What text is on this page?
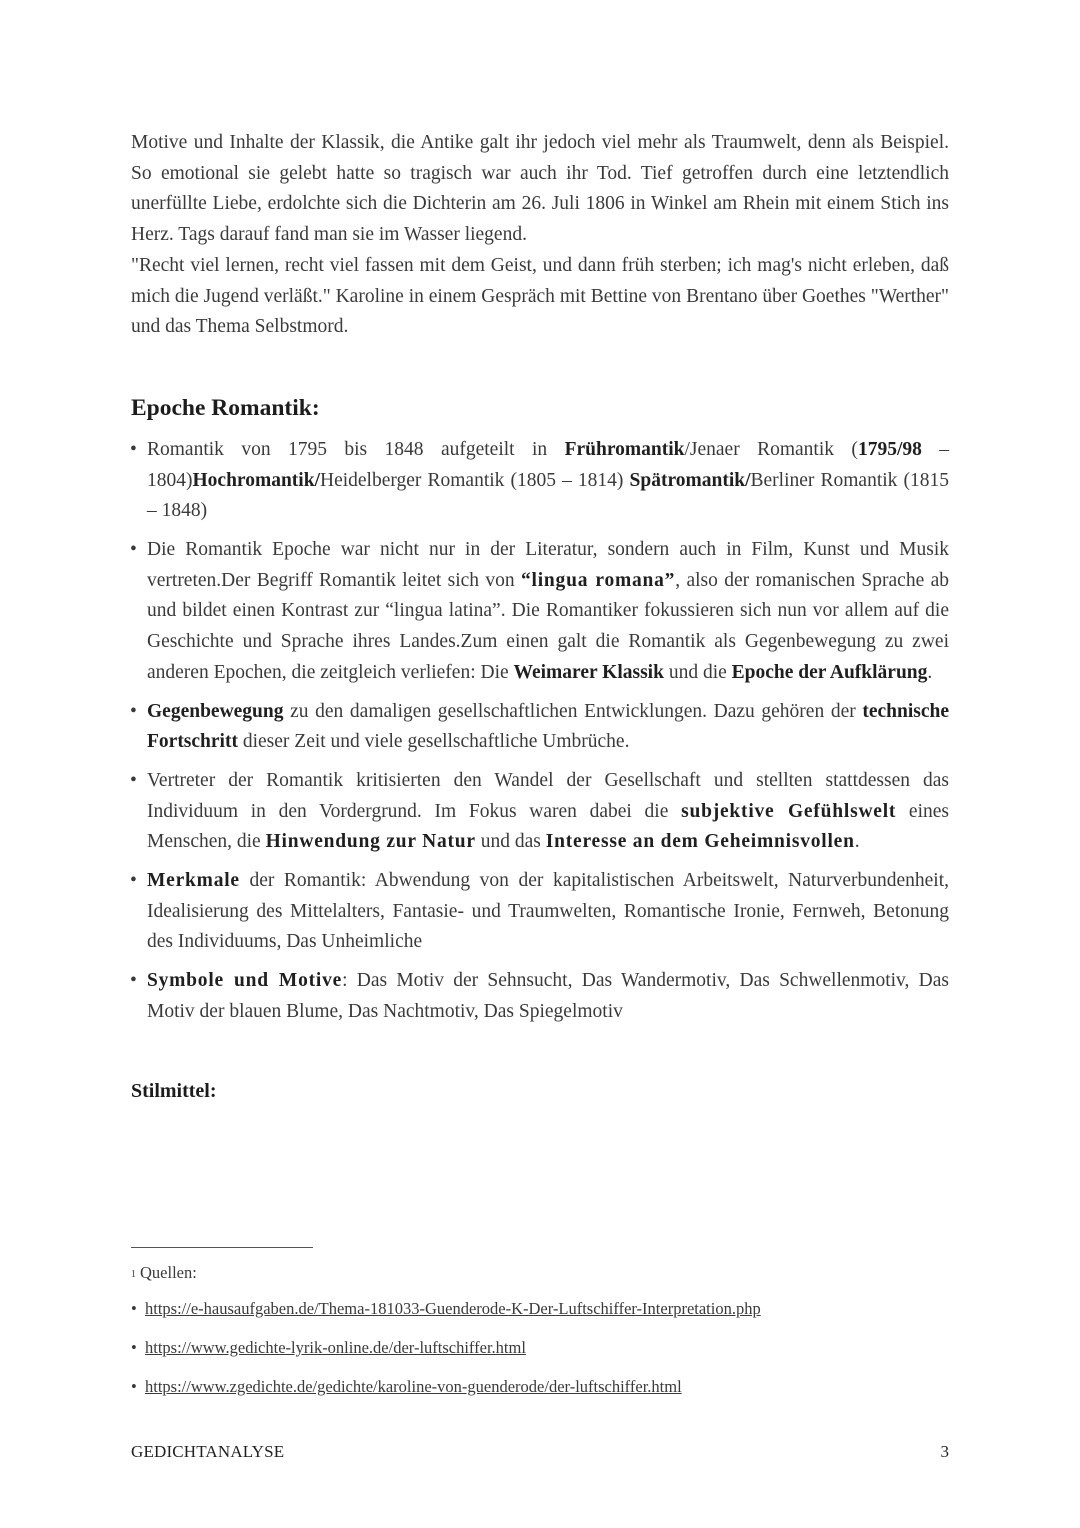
Motive und Inhalte der Klassik, die Antike galt ihr jedoch viel mehr als Traumwelt, denn als Beispiel. So emotional sie gelebt hatte so tragisch war auch ihr Tod. Tief getroffen durch eine letztendlich unerfüllte Liebe, erdolchte sich die Dichterin am 26. Juli 1806 in Winkel am Rhein mit einem Stich ins Herz. Tags darauf fand man sie im Wasser liegend.

"Recht viel lernen, recht viel fassen mit dem Geist, und dann früh sterben; ich mag's nicht erleben, daß mich die Jugend verläßt." Karoline in einem Gespräch mit Bettine von Brentano über Goethes "Werther" und das Thema Selbstmord.

Epoche Romantik:
• Romantik von 1795 bis 1848 aufgeteilt in Frühromantik/Jenaer Romantik (1795/98 – 1804)Hochromantik/Heidelberger Romantik (1805 – 1814) Spätromantik/Berliner Romantik (1815 – 1848)
• Die Romantik Epoche war nicht nur in der Literatur, sondern auch in Film, Kunst und Musik vertreten.Der Begriff Romantik leitet sich von “lingua romana”, also der romanischen Sprache ab und bildet einen Kontrast zur “lingua latina”. Die Romantiker fokussieren sich nun vor allem auf die Geschichte und Sprache ihres Landes.Zum einen galt die Romantik als Gegenbewegung zu zwei anderen Epochen, die zeitgleich verliefen: Die Weimarer Klassik und die Epoche der Aufklärung.
• Gegenbewegung zu den damaligen gesellschaftlichen Entwicklungen. Dazu gehören der technische Fortschritt dieser Zeit und viele gesellschaftliche Umbrüche.
• Vertreter der Romantik kritisierten den Wandel der Gesellschaft und stellten stattdessen das Individuum in den Vordergrund. Im Fokus waren dabei die subjektive Gefühlswelt eines Menschen, die Hinwendung zur Natur und das Interesse an dem Geheimnisvollen.
• Merkmale der Romantik: Abwendung von der kapitalistischen Arbeitswelt, Naturverbundenheit, Idealisierung des Mittelalters, Fantasie- und Traumwelten, Romantische Ironie, Fernweh, Betonung des Individuums, Das Unheimliche
• Symbole und Motive: Das Motiv der Sehnsucht, Das Wandermotiv, Das Schwellenmotiv, Das Motiv der blauen Blume, Das Nachtmotiv, Das Spiegelmotiv
Stilmittel:
$^1$ Quellen:
• https://e-hausaufgaben.de/Thema-181033-Guenderode-K-Der-Luftschiffer-Interpretation.php
• https://www.gedichte-lyrik-online.de/der-luftschiffer.html
• https://www.zgedichte.de/gedichte/karoline-von-guenderode/der-luftschiffer.html
GEDICHTANALYSE	3
